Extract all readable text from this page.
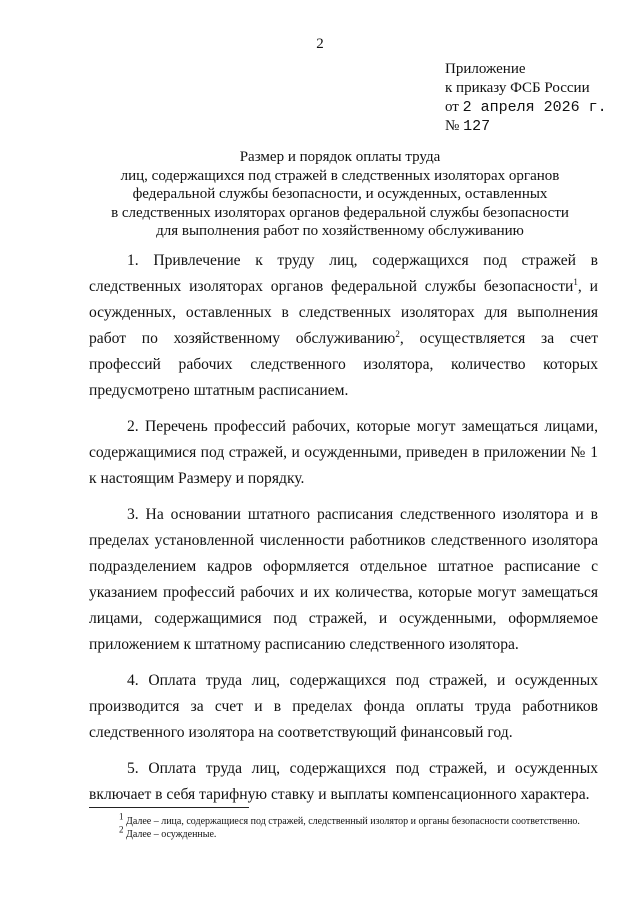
2
Приложение
к приказу ФСБ России
от 2 апреля 2026 г.
№ 127
Размер и порядок оплаты труда
лиц, содержащихся под стражей в следственных изоляторах органов
федеральной службы безопасности, и осужденных, оставленных
в следственных изоляторах органов федеральной службы безопасности
для выполнения работ по хозяйственному обслуживанию

1. Привлечение к труду лиц, содержащихся под стражей в следственных изоляторах органов федеральной службы безопасности$^1$, и осужденных, оставленных в следственных изоляторах для выполнения работ по хозяйственному обслуживанию$^2$, осуществляется за счет профессий рабочих следственного изолятора, количество которых предусмотрено штатным расписанием.

2. Перечень профессий рабочих, которые могут замещаться лицами, содержащимися под стражей, и осужденными, приведен в приложении № 1 к настоящим Размеру и порядку.

3. На основании штатного расписания следственного изолятора и в пределах установленной численности работников следственного изолятора подразделением кадров оформляется отдельное штатное расписание с указанием профессий рабочих и их количества, которые могут замещаться лицами, содержащимися под стражей, и осужденными, оформляемое приложением к штатному расписанию следственного изолятора.

4. Оплата труда лиц, содержащихся под стражей, и осужденных производится за счет и в пределах фонда оплаты труда работников следственного изолятора на соответствующий финансовый год.

5. Оплата труда лиц, содержащихся под стражей, и осужденных включает в себя тарифную ставку и выплаты компенсационного характера.

$^1$ Далее – лица, содержащиеся под стражей, следственный изолятор и органы безопасности соответственно.

$^2$ Далее – осужденные.
